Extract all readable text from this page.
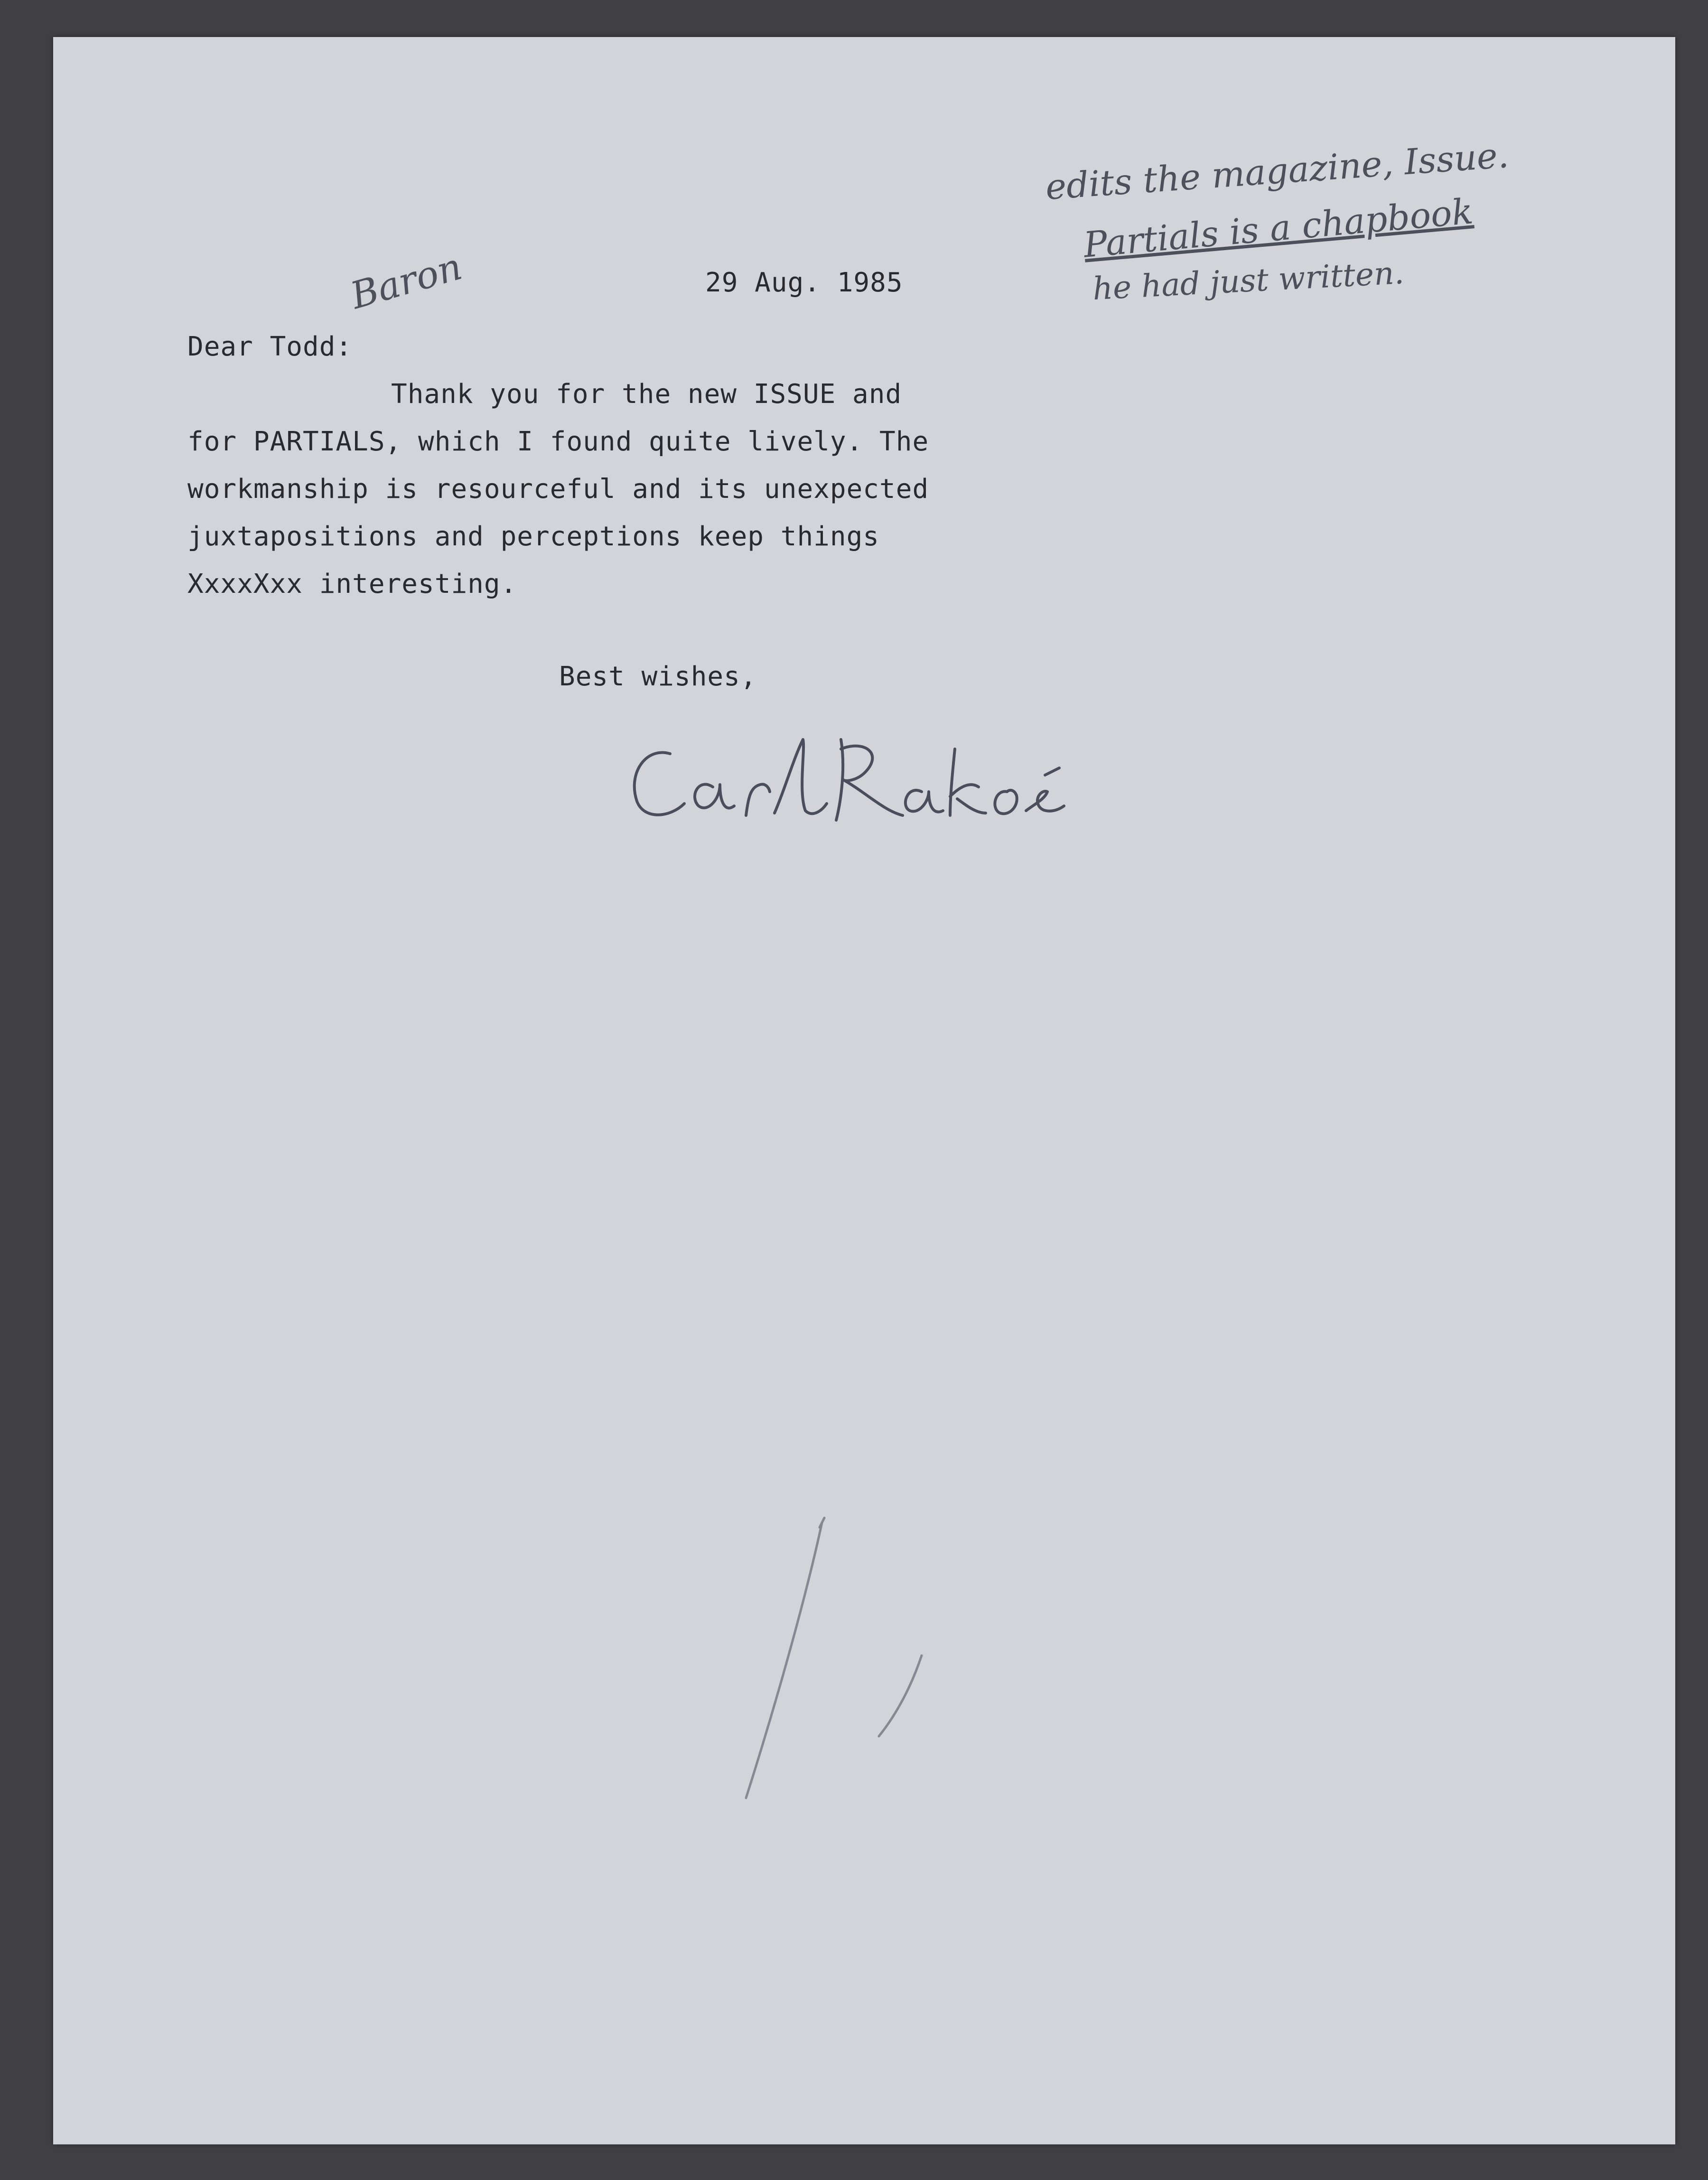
Baron
edits the magazine, Issue.
Partials is a chapbook
he had just written.
29 Aug. 1985
Dear Todd:
Thank you for the new ISSUE and
for PARTIALS, which I found quite lively. The
workmanship is resourceful and its unexpected
juxtapositions and perceptions keep things
XxxxXxx interesting.
Best wishes,
